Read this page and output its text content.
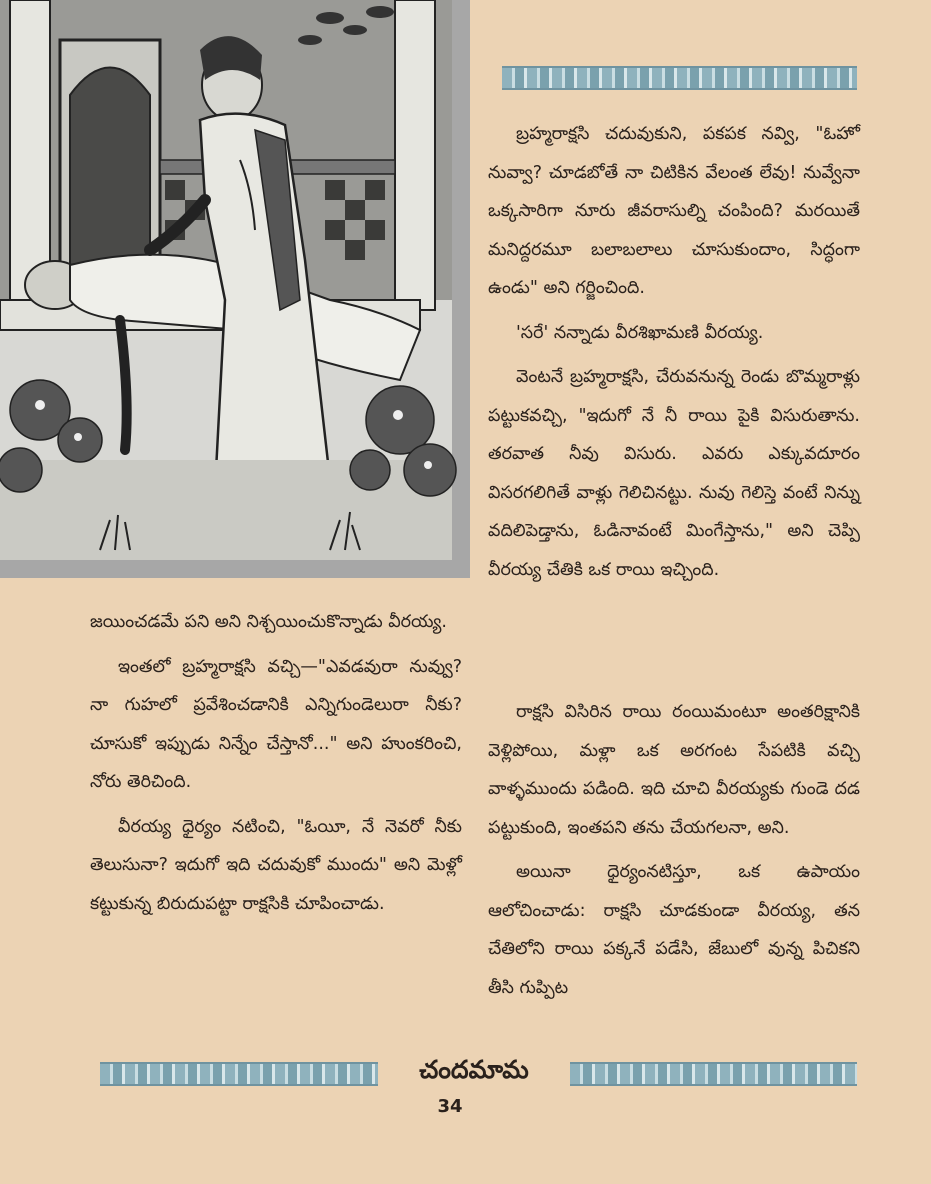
బ్రహ్మరాక్షసి చదువుకుని, పకపక నవ్వి, "ఓహో నువ్వా? చూడబోతే నా చిటికిన వేలంత లేవు! నువ్వేనా ఒక్కసారిగా నూరు జీవరాసుల్ని చంపింది? మరయితే మనిద్దరమూ బలాబలాలు చూసుకుందాం, సిద్ధంగా ఉండు" అని గర్జించింది.

'సరే' నన్నాడు వీరశిఖామణి వీరయ్య.

వెంటనే బ్రహ్మరాక్షసి, చేరువనున్న రెండు బొమ్మరాళ్లు పట్టుకవచ్చి, "ఇదుగో నే నీ రాయి పైకి విసురుతాను. తరవాత నీవు విసురు. ఎవరు ఎక్కువదూరం విసరగలిగితే వాళ్లు గెలిచినట్టు. నువు గెలిస్తె వంటే నిన్ను వదిలిపెడ్తాను, ఓడినావంటే మింగేస్తాను," అని చెప్పి వీరయ్య చేతికి ఒక రాయి ఇచ్చింది.

జయించడమే పని అని నిశ్చయించుకొన్నాడు వీరయ్య.

ఇంతలో బ్రహ్మరాక్షసి వచ్చి—"ఎవడవురా నువ్వు? నా గుహలో ప్రవేశించడానికి ఎన్నిగుండెలురా నీకు? చూసుకో ఇప్పుడు నిన్నేం చేస్తానో..." అని హుంకరించి, నోరు తెరిచింది.

వీరయ్య ధైర్యం నటించి, "ఓయీ, నే నెవరో నీకు తెలుసునా? ఇదుగో ఇది చదువుకో ముందు" అని మెళ్లో కట్టుకున్న బిరుదుపట్టా రాక్షసికి చూపించాడు.

రాక్షసి విసిరిన రాయి రంయిమంటూ అంతరిక్షానికి వెళ్లిపోయి, మళ్లా ఒక అరగంట సేపటికి వచ్చి వాళ్ళముందు పడింది. ఇది చూచి వీరయ్యకు గుండె దడ పట్టుకుంది, ఇంతపని తను చేయగలనా, అని.

అయినా ధైర్యంనటిస్తూ, ఒక ఉపాయం ఆలోచించాడు: రాక్షసి చూడకుండా వీరయ్య, తన చేతిలోని రాయి పక్కనే పడేసి, జేబులో వున్న పిచికని తీసి గుప్పిట

చందమామ
34
